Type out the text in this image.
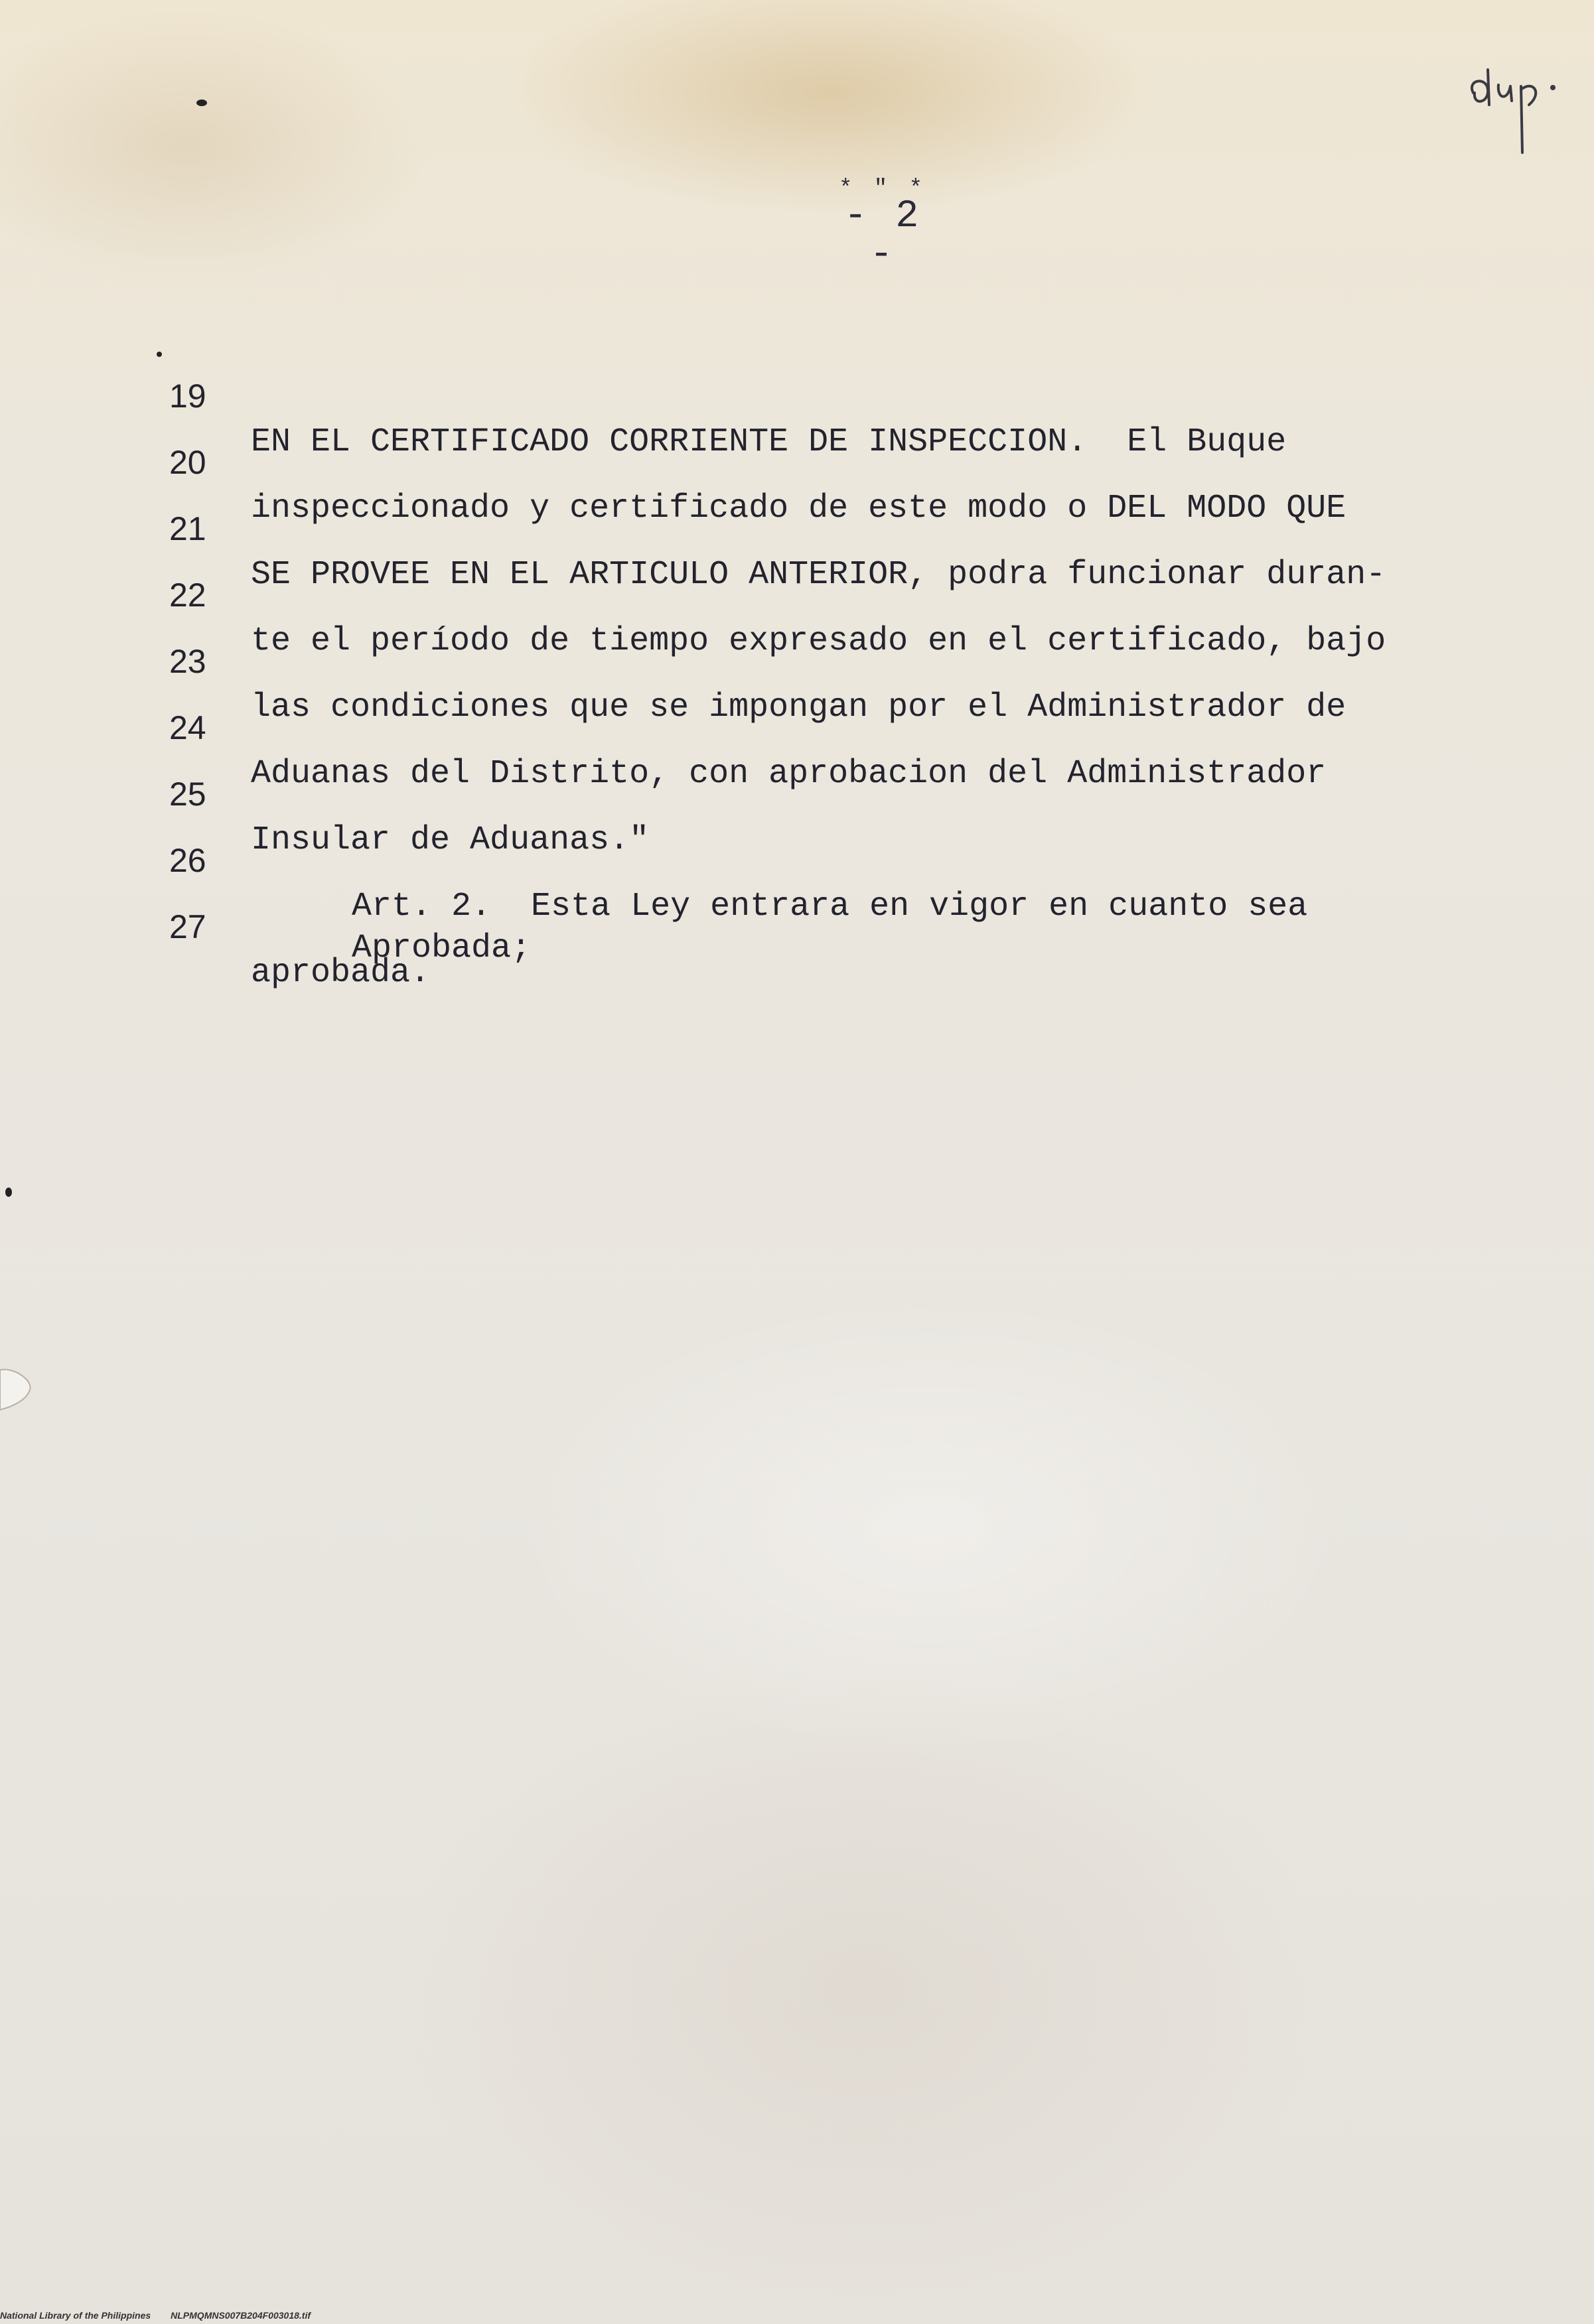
* " *
- 2 -

19

EN EL CERTIFICADO CORRIENTE DE INSPECCION.  El Buque

20

inspeccionado y certificado de este modo o DEL MODO QUE

21

SE PROVEE EN EL ARTICULO ANTERIOR, podra funcionar duran-

22

te el período de tiempo expresado en el certificado, bajo

23

las condiciones que se impongan por el Administrador de

24

Aduanas del Distrito, con aprobacion del Administrador

25

Insular de Aduanas."

26

Art. 2.  Esta Ley entrara en vigor en cuanto sea

27

aprobada.

Aprobada;
National Library of the Philippines NLPMQMNS007B204F003018.tif
